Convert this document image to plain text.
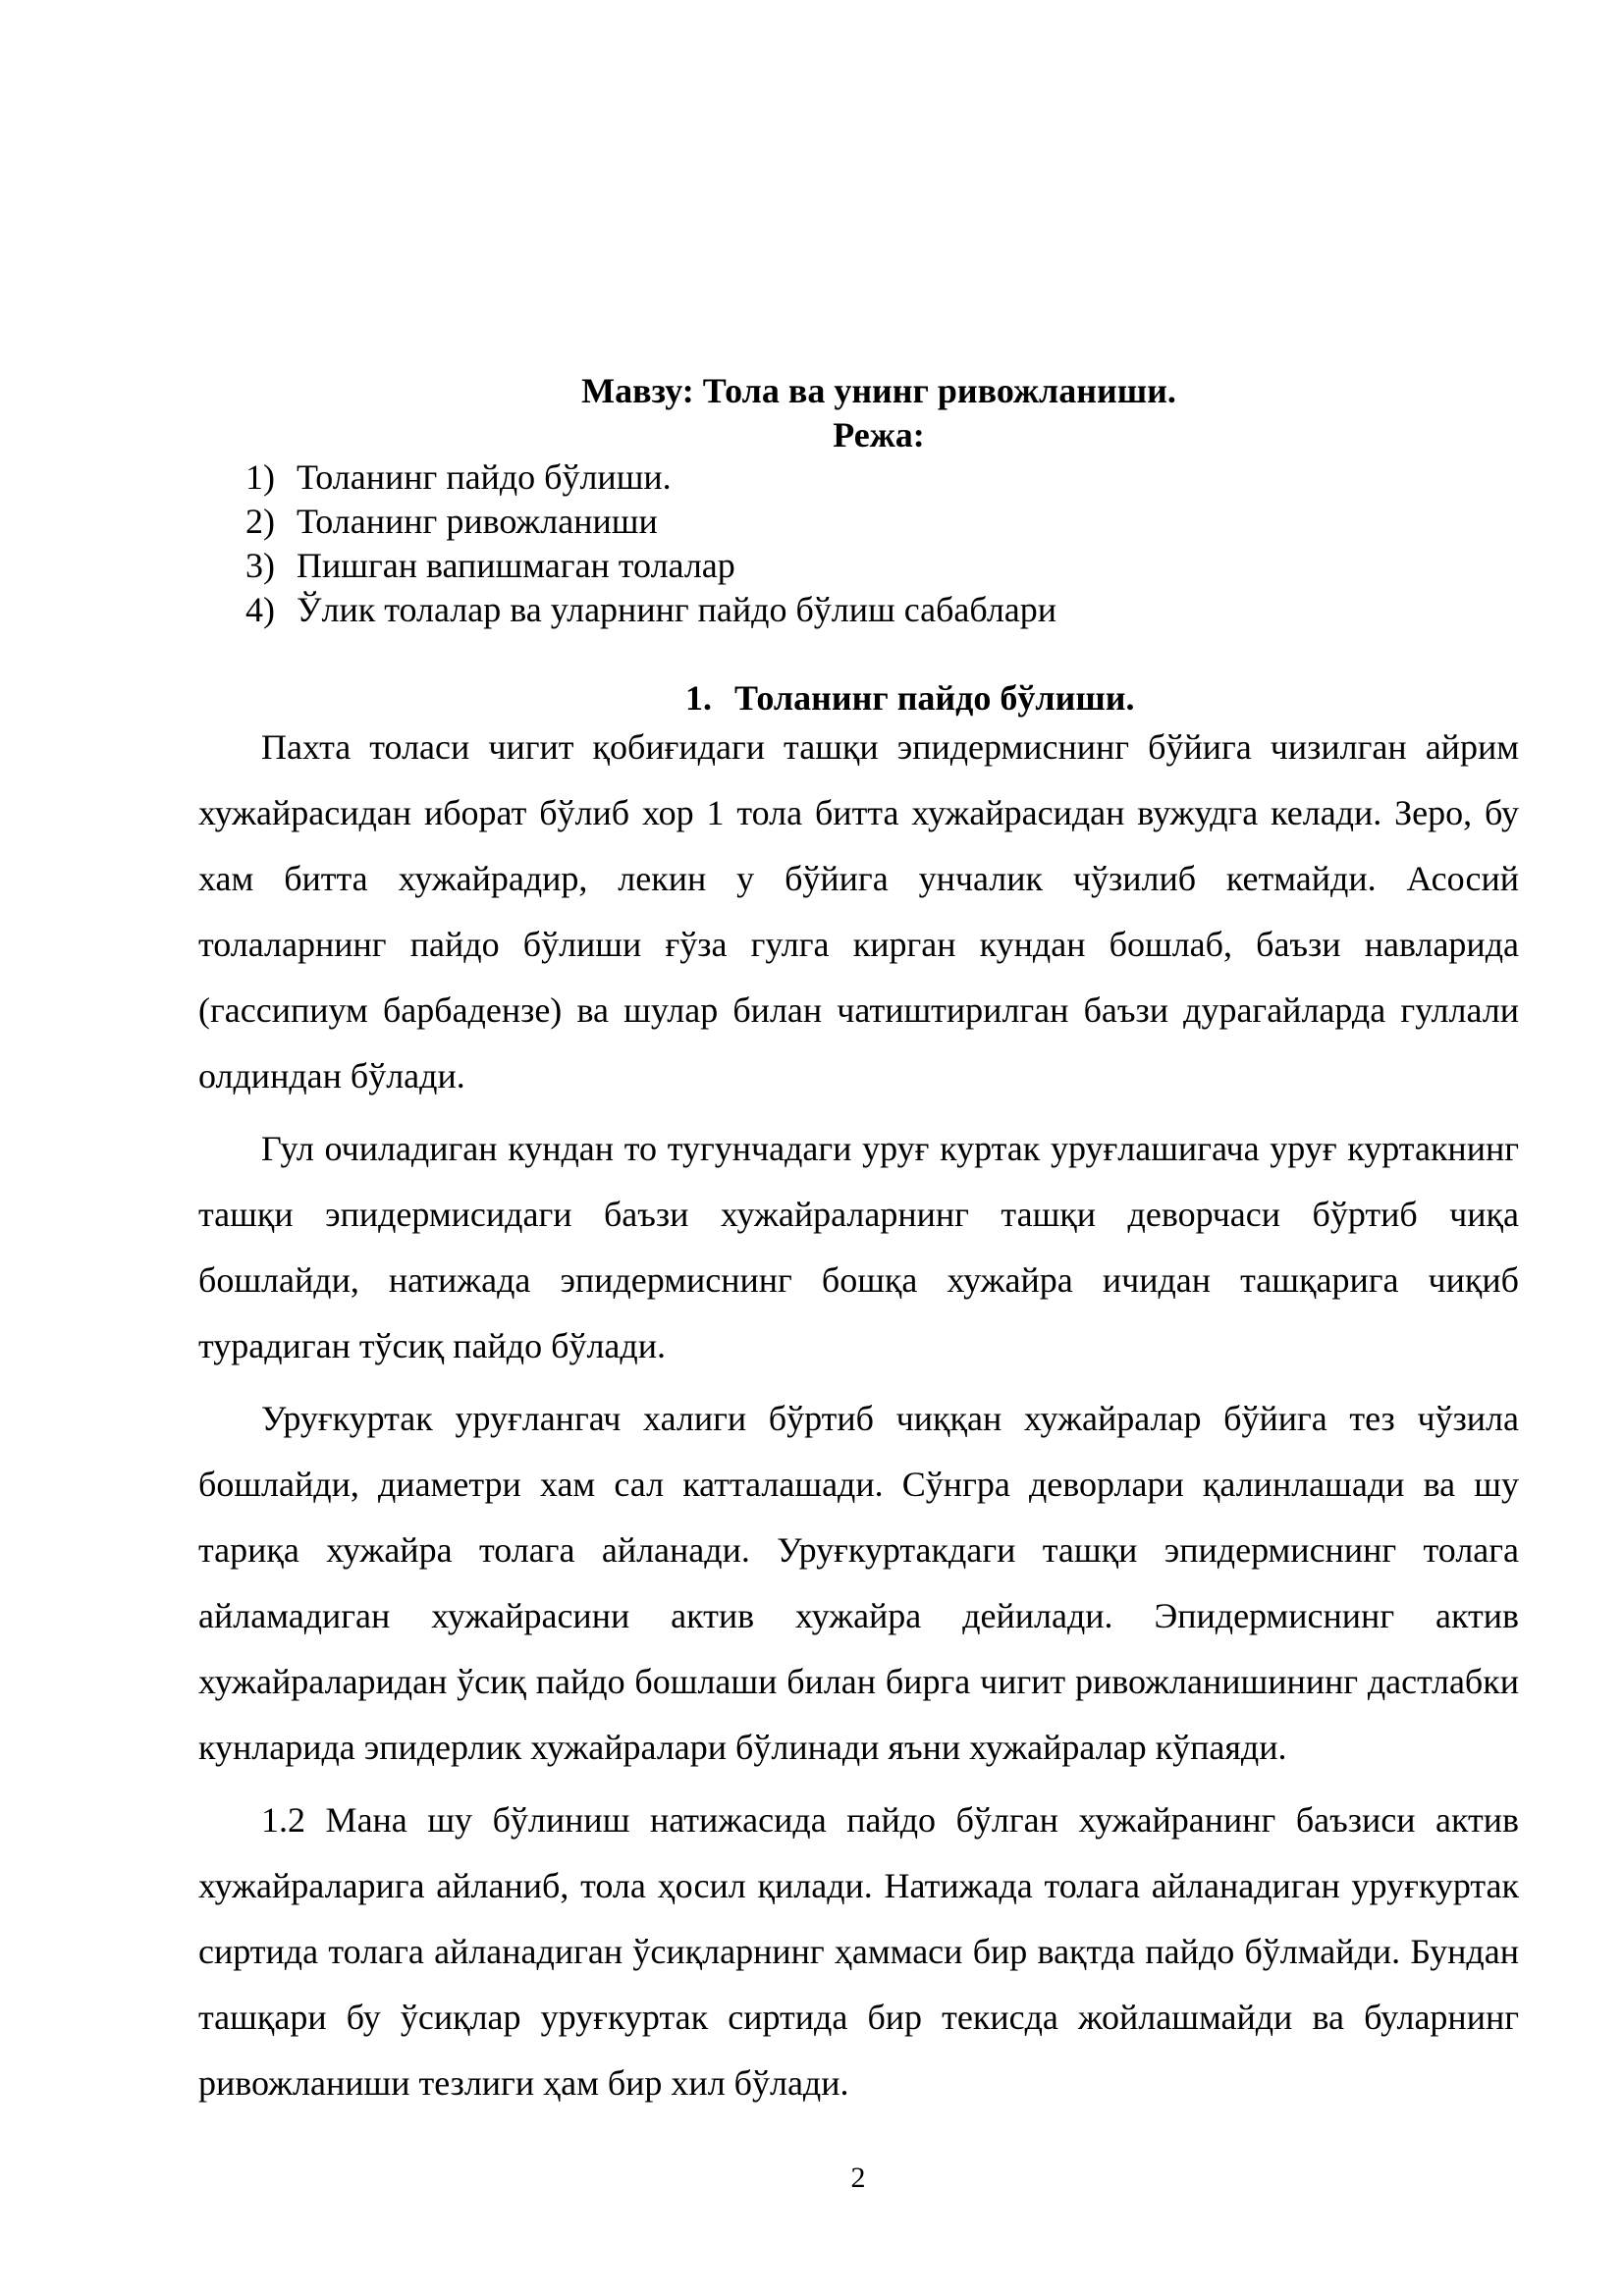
Мавзу: Тола ва унинг ривожланиши.
Режа:
1) Толанинг пайдо бўлиши.
2) Толанинг ривожланиши
3) Пишган вапишмаган толалар
4) Ўлик толалар ва уларнинг пайдо бўлиш сабаблари
1. Толанинг пайдо бўлиши.

Пахта толаси чигит қобиғидаги ташқи эпидермиснинг бўйига чизилган айрим хужайрасидан иборат бўлиб хор 1 тола битта хужайрасидан вужудга келади. Зеро, бу хам битта хужайрадир, лекин у бўйига унчалик чўзилиб кетмайди. Асосий толаларнинг пайдо бўлиши ғўза гулга кирган кундан бошлаб, баъзи навларида (гассипиум барбадензе) ва шулар билан чатиштирилган баъзи дурагайларда гуллали олдиндан бўлади.

Гул очиладиган кундан то тугунчадаги уруғ куртак уруғлашигача уруғ куртакнинг ташқи эпидермисидаги баъзи хужайраларнинг ташқи деворчаси бўртиб чиқа бошлайди, натижада эпидермиснинг бошқа хужайра ичидан ташқарига чиқиб турадиган тўсиқ пайдо бўлади.

Уруғкуртак уруғлангач халиги бўртиб чиққан хужайралар бўйига тез чўзила бошлайди, диаметри хам сал катталашади. Сўнгра деворлари қалинлашади ва шу тариқа хужайра толага айланади. Уруғкуртакдаги ташқи эпидермиснинг толага айламадиган хужайрасини актив хужайра дейилади. Эпидермиснинг актив хужайраларидан ўсиқ пайдо бошлаши билан бирга чигит ривожланишининг дастлабки кунларида эпидерлик хужайралари бўлинади яъни хужайралар кўпаяди.

1.2 Мана шу бўлиниш натижасида пайдо бўлган хужайранинг баъзиси актив хужайраларига айланиб, тола ҳосил қилади. Натижада толага айланадиган уруғкуртак сиртида толага айланадиган ўсиқларнинг ҳаммаси бир вақтда пайдо бўлмайди. Бундан ташқари бу ўсиқлар уруғкуртак сиртида бир текисда жойлашмайди ва буларнинг ривожланиши тезлиги ҳам бир хил бўлади.

2
